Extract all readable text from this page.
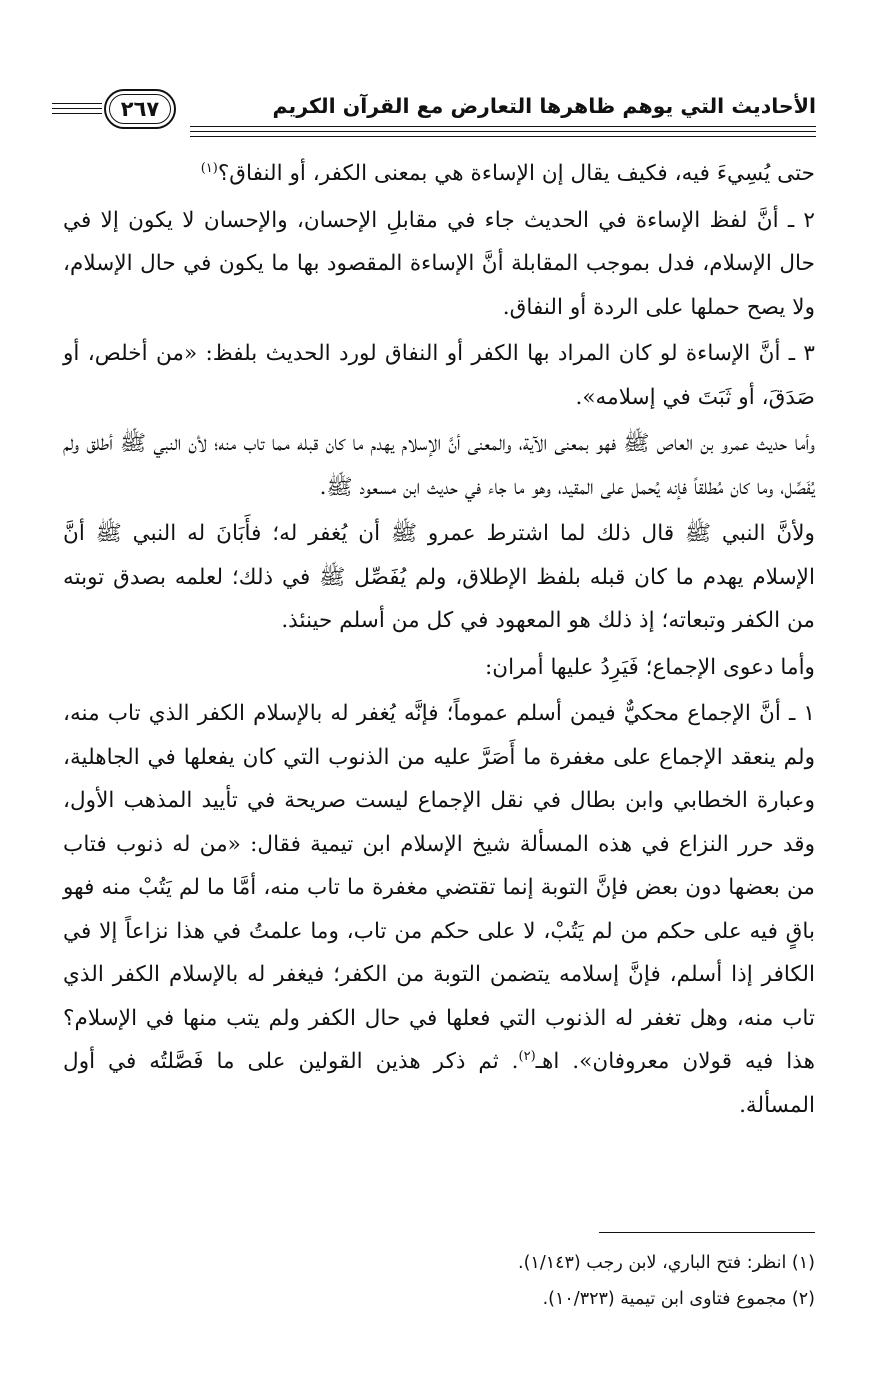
الأحاديث التي يوهم ظاهرها التعارض مع القرآن الكريم
٢٦٧

حتى يُسِيءَ فيه، فكيف يقال إن الإساءة هي بمعنى الكفر، أو النفاق؟$^{(١)}$

٢ ـ أنَّ لفظ الإساءة في الحديث جاء في مقابلِ الإحسان، والإحسان لا يكون إلا في حال الإسلام، فدل بموجب المقابلة أنَّ الإساءة المقصود بها ما يكون في حال الإسلام، ولا يصح حملها على الردة أو النفاق.

٣ ـ أنَّ الإساءة لو كان المراد بها الكفر أو النفاق لورد الحديث بلفظ: «من أخلص، أو صَدَقَ، أو ثَبَتَ في إسلامه».

وأما حديث عمرو بن العاص ﷺ فهو بمعنى الآية، والمعنى أنَّ الإسلام يهدم ما كان قبله مما تاب منه؛ لأن النبي ﷺ أطلق ولم يُفَصِّل، وما كان مُطلقاً فإنه يُحمل على المقيد، وهو ما جاء في حديث ابن مسعود ﷺ.

ولأنَّ النبي ﷺ قال ذلك لما اشترط عمرو ﷺ أن يُغفر له؛ فأَبَانَ له النبي ﷺ أنَّ الإسلام يهدم ما كان قبله بلفظ الإطلاق، ولم يُفَصِّل ﷺ في ذلك؛ لعلمه بصدق توبته من الكفر وتبعاته؛ إذ ذلك هو المعهود في كل من أسلم حينئذ.

وأما دعوى الإجماع؛ فَيَرِدُ عليها أمران:

١ ـ أنَّ الإجماع محكيٌّ فيمن أسلم عموماً؛ فإنَّه يُغفر له بالإسلام الكفر الذي تاب منه، ولم ينعقد الإجماع على مغفرة ما أَصَرَّ عليه من الذنوب التي كان يفعلها في الجاهلية، وعبارة الخطابي وابن بطال في نقل الإجماع ليست صريحة في تأييد المذهب الأول، وقد حرر النزاع في هذه المسألة شيخ الإسلام ابن تيمية فقال: «من له ذنوب فتاب من بعضها دون بعض فإنَّ التوبة إنما تقتضي مغفرة ما تاب منه، أمَّا ما لم يَتُبْ منه فهو باقٍ فيه على حكم من لم يَتُبْ، لا على حكم من تاب، وما علمتُ في هذا نزاعاً إلا في الكافر إذا أسلم، فإنَّ إسلامه يتضمن التوبة من الكفر؛ فيغفر له بالإسلام الكفر الذي تاب منه، وهل تغفر له الذنوب التي فعلها في حال الكفر ولم يتب منها في الإسلام؟ هذا فيه قولان معروفان». اهـ$^{(٢)}$. ثم ذكر هذين القولين على ما فَصَّلتُه في أول المسألة.

(١) انظر: فتح الباري، لابن رجب (١/١٤٣).

(٢) مجموع فتاوى ابن تيمية (١٠/٣٢٣).
